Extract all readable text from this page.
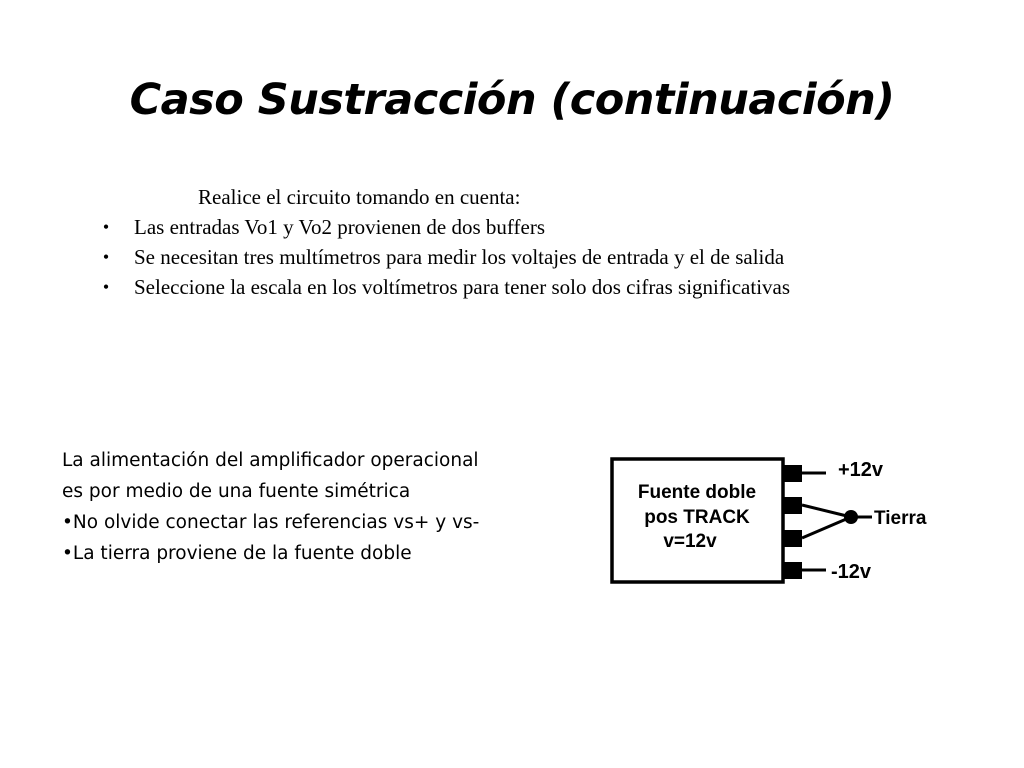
Caso Sustracción (continuación)
Realice el circuito tomando en cuenta:
•	Las entradas Vo1 y Vo2 provienen de dos buffers
•	Se necesitan tres multímetros para medir los voltajes de entrada y el de salida
•	Seleccione la escala en los voltímetros para tener solo dos cifras significativas
La alimentación del amplificador operacional
es por medio de una fuente simétrica
•No olvide conectar las referencias vs+ y vs-
•La tierra proviene de la fuente doble
Fuente doble
pos TRACK
v=12v
+12v
Tierra
-12v
